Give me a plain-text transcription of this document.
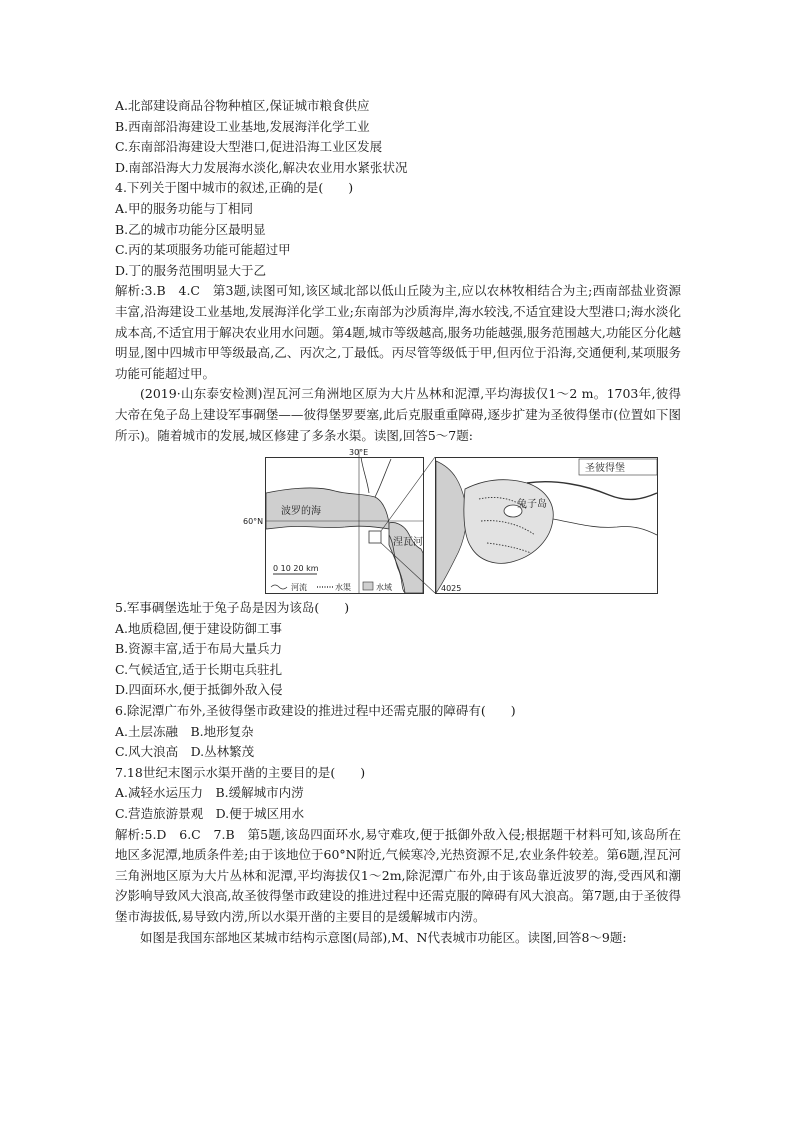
A.北部建设商品谷物种植区,保证城市粮食供应
B.西南部沿海建设工业基地,发展海洋化学工业
C.东南部沿海建设大型港口,促进沿海工业区发展
D.南部沿海大力发展海水淡化,解决农业用水紧张状况
4.下列关于图中城市的叙述,正确的是(　　)
A.甲的服务功能与丁相同
B.乙的城市功能分区最明显
C.丙的某项服务功能可能超过甲
D.丁的服务范围明显大于乙
解析:3.B　4.C　第3题,读图可知,该区域北部以低山丘陵为主,应以农林牧相结合为主;西南部盐业资源丰富,沿海建设工业基地,发展海洋化学工业;东南部为沙质海岸,海水较浅,不适宜建设大型港口;海水淡化成本高,不适宜用于解决农业用水问题。第4题,城市等级越高,服务功能越强,服务范围越大,功能区分化越明显,图中四城市甲等级最高,乙、丙次之,丁最低。丙尽管等级低于甲,但丙位于沿海,交通便利,某项服务功能可能超过甲。
(2019·山东泰安检测)涅瓦河三角洲地区原为大片丛林和泥潭,平均海拔仅1～2 m。1703年,彼得大帝在兔子岛上建设军事碉堡——彼得堡罗要塞,此后克服重重障碍,逐步扩建为圣彼得堡市(位置如下图所示)。随着城市的发展,城区修建了多条水渠。读图,回答5～7题:
30°E
60°N
波罗的海
涅瓦河
0 10 20 km
河流	水渠	水域
圣彼得堡
兔子岛
4025
5.军事碉堡选址于兔子岛是因为该岛(　　)
A.地质稳固,便于建设防御工事
B.资源丰富,适于布局大量兵力
C.气候适宜,适于长期屯兵驻扎
D.四面环水,便于抵御外敌入侵
6.除泥潭广布外,圣彼得堡市政建设的推进过程中还需克服的障碍有(　　)
A.土层冻融　B.地形复杂
C.风大浪高　D.丛林繁茂
7.18世纪末图示水渠开凿的主要目的是(　　)
A.减轻水运压力　B.缓解城市内涝
C.营造旅游景观　D.便于城区用水
解析:5.D　6.C　7.B　第5题,该岛四面环水,易守难攻,便于抵御外敌入侵;根据题干材料可知,该岛所在地区多泥潭,地质条件差;由于该地位于60°N附近,气候寒冷,光热资源不足,农业条件较差。第6题,涅瓦河三角洲地区原为大片丛林和泥潭,平均海拔仅1～2m,除泥潭广布外,由于该岛靠近波罗的海,受西风和潮汐影响导致风大浪高,故圣彼得堡市政建设的推进过程中还需克服的障碍有风大浪高。第7题,由于圣彼得堡市海拔低,易导致内涝,所以水渠开凿的主要目的是缓解城市内涝。
如图是我国东部地区某城市结构示意图(局部),M、N代表城市功能区。读图,回答8～9题:
